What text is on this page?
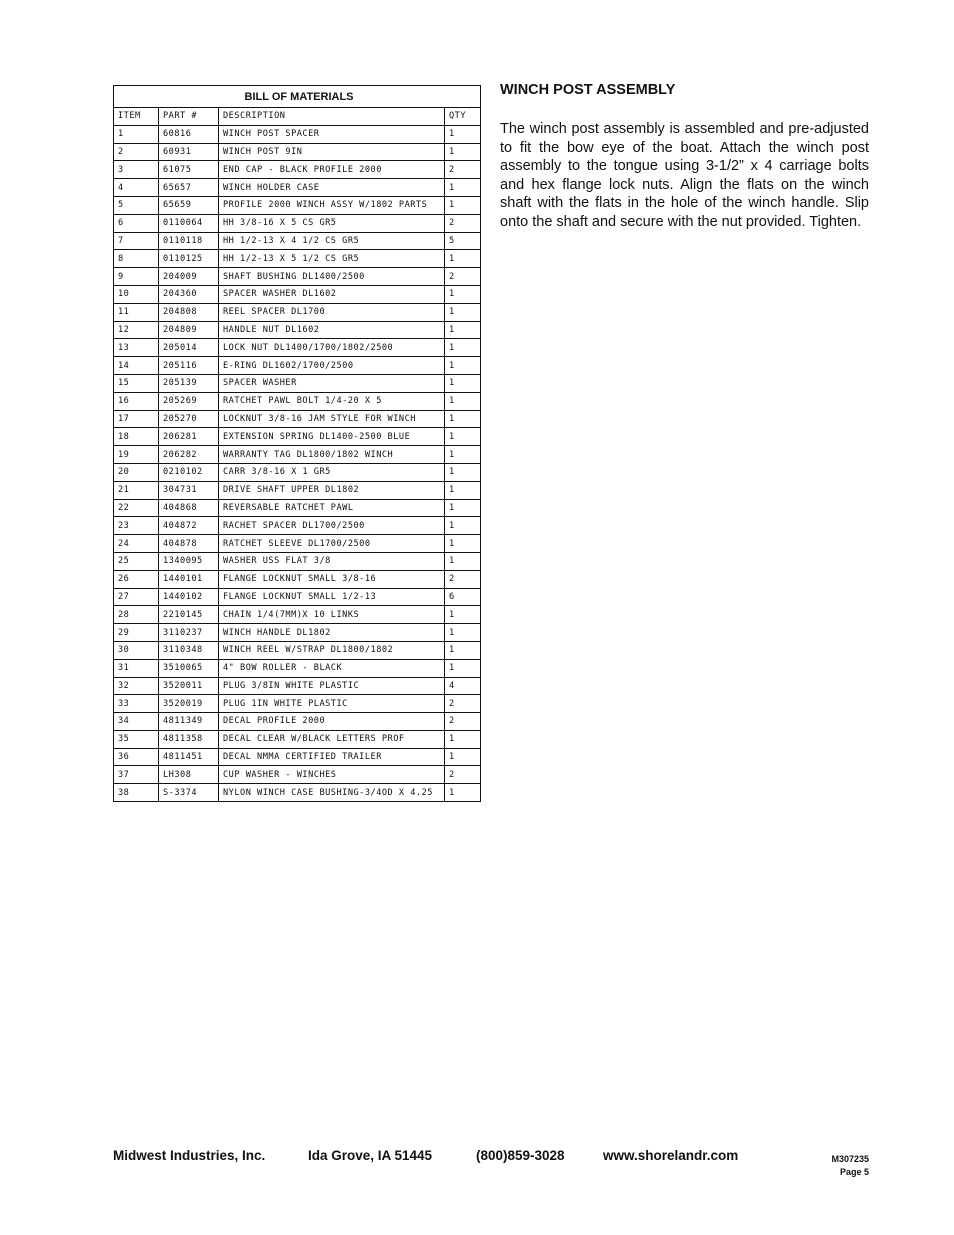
BILL OF MATERIALS			
ITEM	PART #	DESCRIPTION	QTY
1	60816	WINCH POST SPACER	1
2	60931	WINCH POST 9IN	1
3	61075	END CAP - BLACK PROFILE 2000	2
4	65657	WINCH HOLDER CASE	1
5	65659	PROFILE 2000 WINCH ASSY W/1802 PARTS	1
6	0110064	HH 3/8-16 X 5 CS GR5	2
7	0110118	HH 1/2-13 X 4 1/2 CS GR5	5
8	0110125	HH 1/2-13 X 5 1/2 CS GR5	1
9	204009	SHAFT BUSHING DL1400/2500	2
10	204360	SPACER WASHER DL1602	1
11	204808	REEL SPACER DL1700	1
12	204809	HANDLE NUT DL1602	1
13	205014	LOCK NUT DL1400/1700/1802/2500	1
14	205116	E-RING DL1602/1700/2500	1
15	205139	SPACER WASHER	1
16	205269	RATCHET PAWL BOLT 1/4-20 X 5	1
17	205270	LOCKNUT 3/8-16 JAM STYLE FOR WINCH	1
18	206281	EXTENSION SPRING DL1400-2500 BLUE	1
19	206282	WARRANTY TAG DL1800/1802 WINCH	1
20	0210102	CARR 3/8-16 X 1 GR5	1
21	304731	DRIVE SHAFT UPPER DL1802	1
22	404868	REVERSABLE RATCHET PAWL	1
23	404872	RACHET SPACER DL1700/2500	1
24	404878	RATCHET SLEEVE DL1700/2500	1
25	1340095	WASHER USS FLAT 3/8	1
26	1440101	FLANGE LOCKNUT SMALL 3/8-16	2
27	1440102	FLANGE LOCKNUT SMALL 1/2-13	6
28	2210145	CHAIN 1/4(7MM)X 10 LINKS	1
29	3110237	WINCH HANDLE DL1802	1
30	3110348	WINCH REEL W/STRAP DL1800/1802	1
31	3510065	4" BOW ROLLER - BLACK	1
32	3520011	PLUG 3/8IN WHITE PLASTIC	4
33	3520019	PLUG 1IN WHITE PLASTIC	2
34	4811349	DECAL PROFILE 2000	2
35	4811358	DECAL CLEAR W/BLACK LETTERS PROF	1
36	4811451	DECAL NMMA CERTIFIED TRAILER	1
37	LH308	CUP WASHER - WINCHES	2
38	S-3374	NYLON WINCH CASE BUSHING-3/4OD X 4.25	1
WINCH POST ASSEMBLY

The winch post assembly is assembled and pre-adjusted to fit the bow eye of the boat. Attach the winch post assembly to the tongue using 3-1/2” x 4 carriage bolts and hex flange lock nuts. Align the flats on the winch shaft with the flats in the hole of the winch handle. Slip onto the shaft and secure with the nut provided. Tighten.

Midwest Industries, Inc.	Ida Grove, IA 51445	(800)859-3028	www.shorelandr.com	M307235
Page 5
